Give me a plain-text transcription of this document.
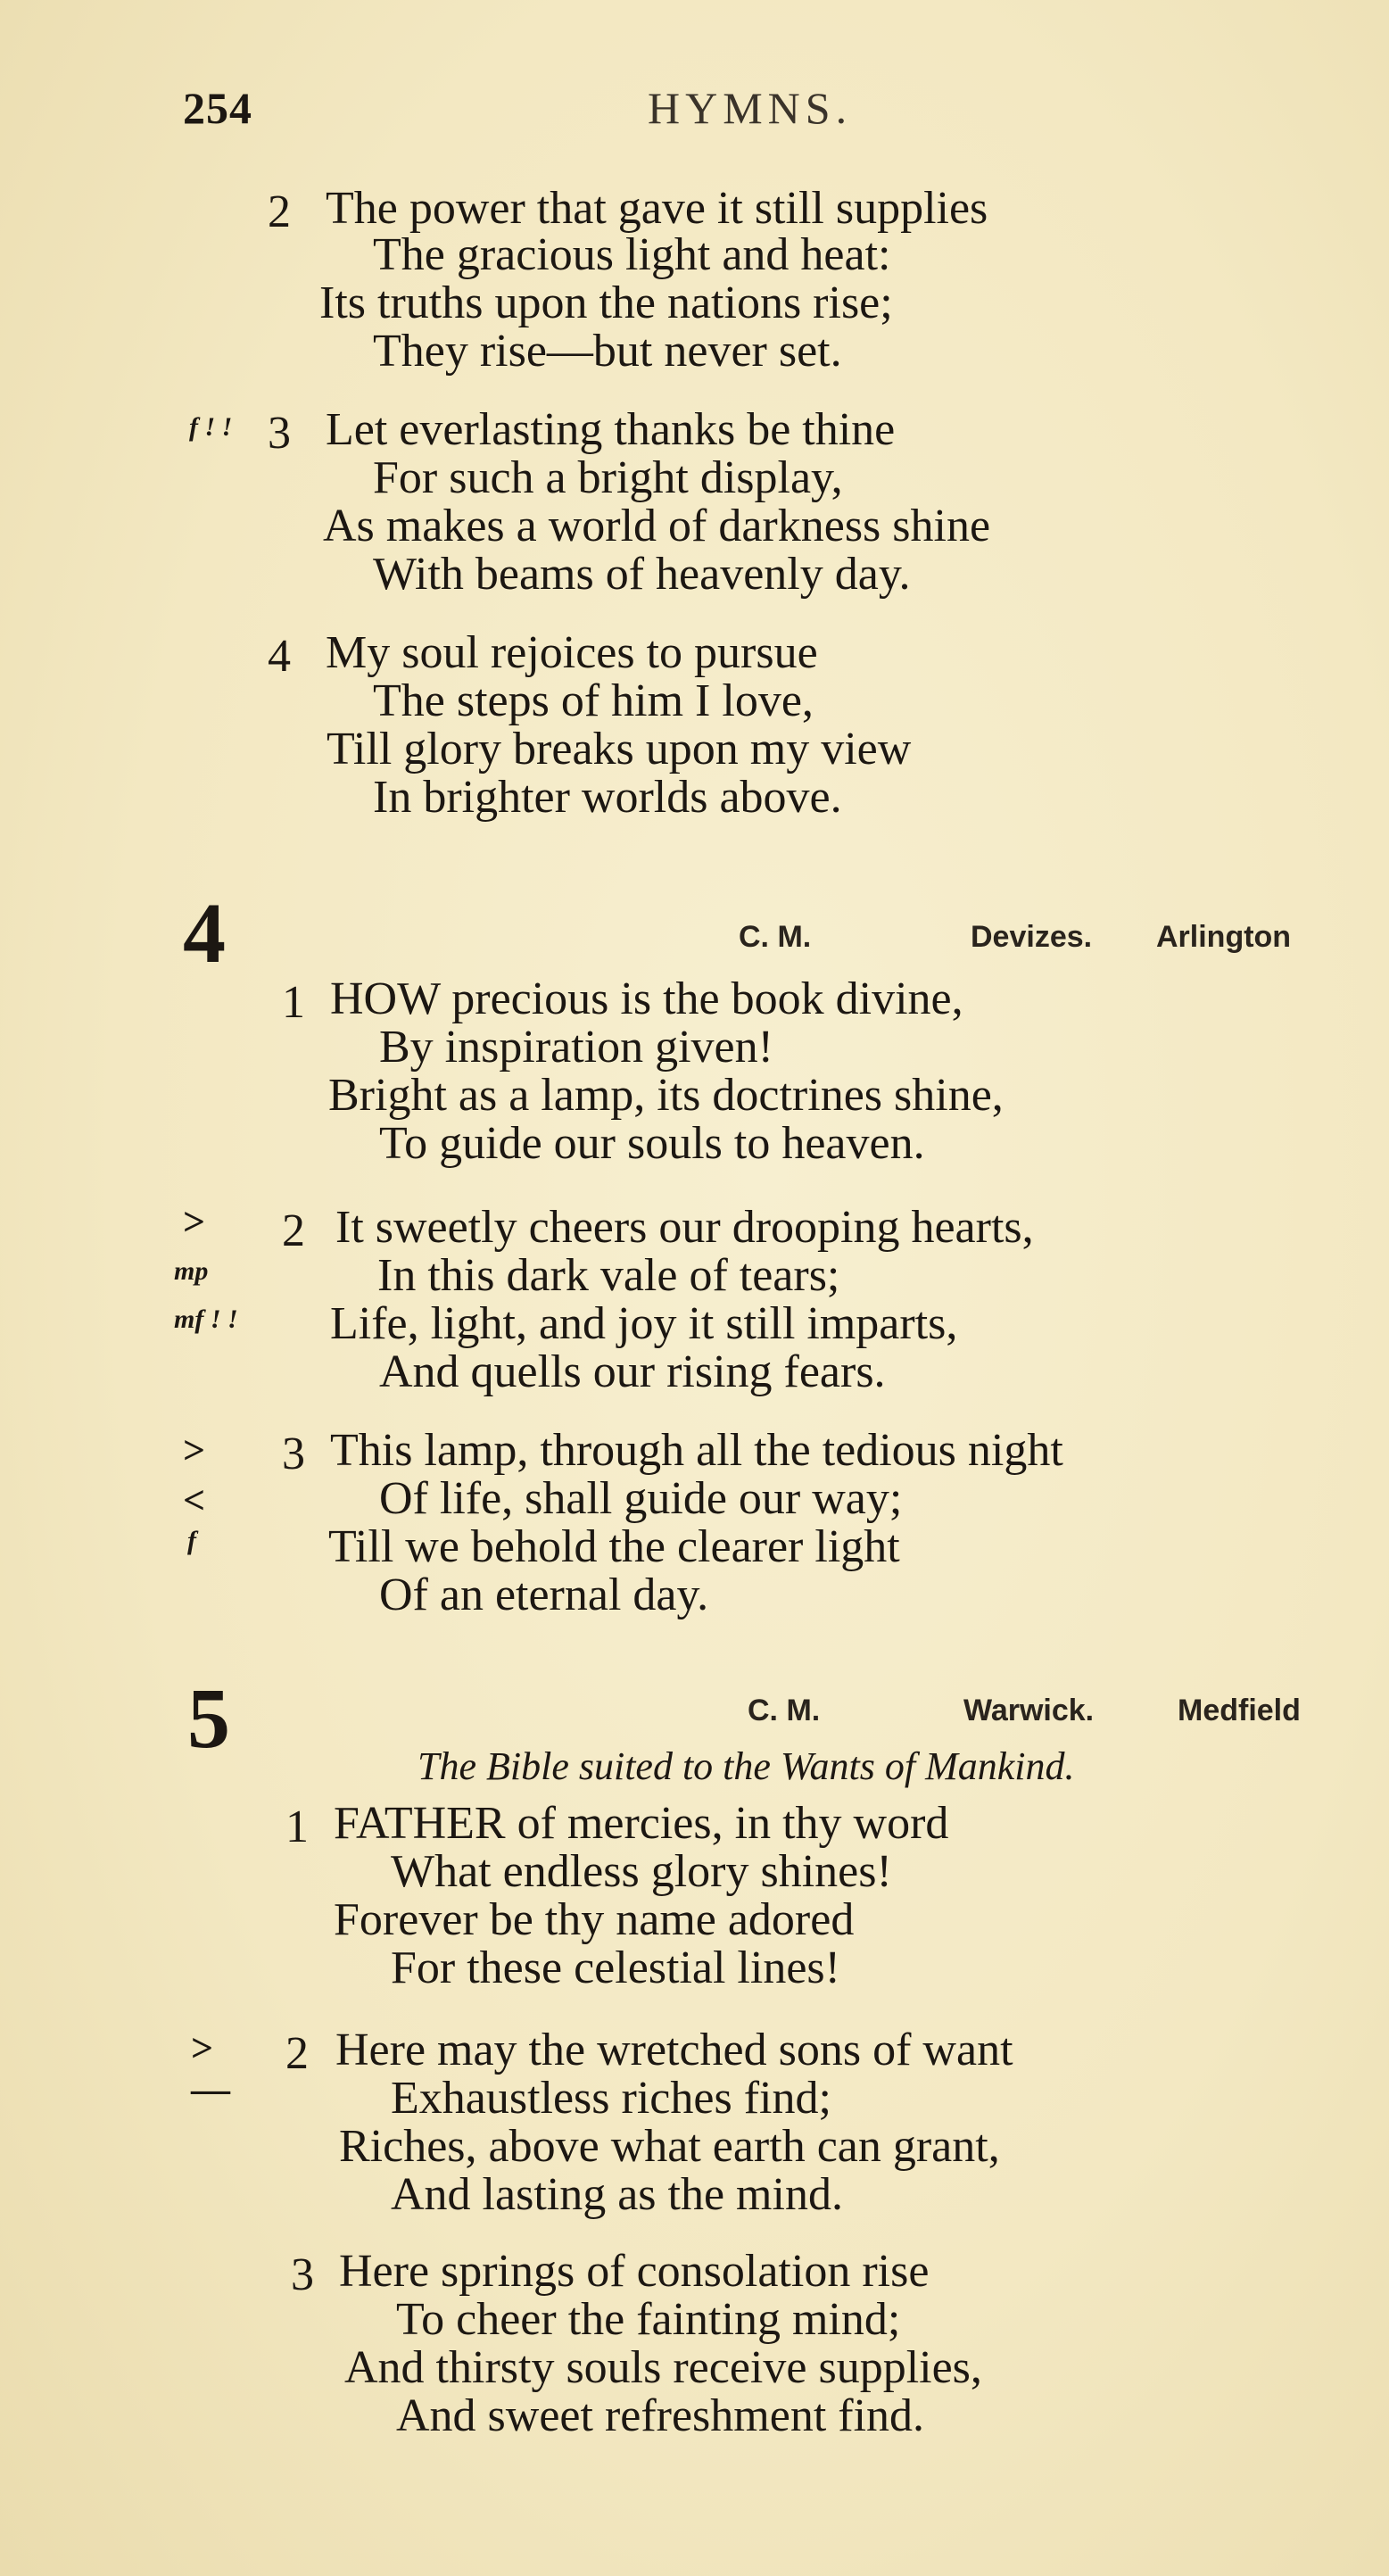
254	HYMNS.
2 The power that gave it still supplies
The gracious light and heat:
Its truths upon the nations rise;
They rise—but never set.
f ! ! 3 Let everlasting thanks be thine
For such a bright display,
As makes a world of darkness shine
With beams of heavenly day.
4 My soul rejoices to pursue
The steps of him I love,
Till glory breaks upon my view
In brighter worlds above.
4	C. M.	Devizes. Arlington
1 HOW precious is the book divine,
By inspiration given!
Bright as a lamp, its doctrines shine,
To guide our souls to heaven.
>
mp
mf ! !
2 It sweetly cheers our drooping hearts,
In this dark vale of tears;
Life, light, and joy it still imparts,
And quells our rising fears.
>
<
f
3 This lamp, through all the tedious night
Of life, shall guide our way;
Till we behold the clearer light
Of an eternal day.
5	C. M.	Warwick.	Medfield
The Bible suited to the Wants of Mankind.
1 FATHER of mercies, in thy word
What endless glory shines!
Forever be thy name adored
For these celestial lines!
>
—
2 Here may the wretched sons of want
Exhaustless riches find;
Riches, above what earth can grant,
And lasting as the mind.
3 Here springs of consolation rise
To cheer the fainting mind;
And thirsty souls receive supplies,
And sweet refreshment find.
